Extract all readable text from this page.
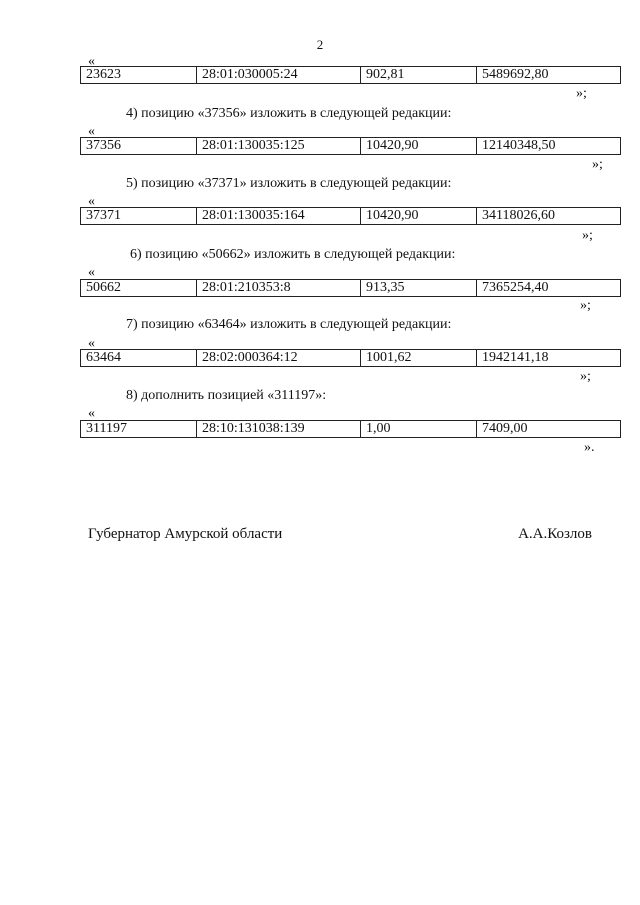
2
«
23623	28:01:030005:24	902,81	5489692,80
»;
4) позицию «37356» изложить в следующей редакции:
«
37356	28:01:130035:125	10420,90	12140348,50
»;
5) позицию «37371» изложить в следующей редакции:
«
37371	28:01:130035:164	10420,90	34118026,60
»;
6) позицию «50662» изложить в следующей редакции:
«
50662	28:01:210353:8	913,35	7365254,40
»;
7) позицию «63464» изложить в следующей редакции:
«
63464	28:02:000364:12	1001,62	1942141,18
»;
8) дополнить позицией «311197»:
«
311197	28:10:131038:139	1,00	7409,00
».
Губернатор Амурской области	А.А.Козлов
